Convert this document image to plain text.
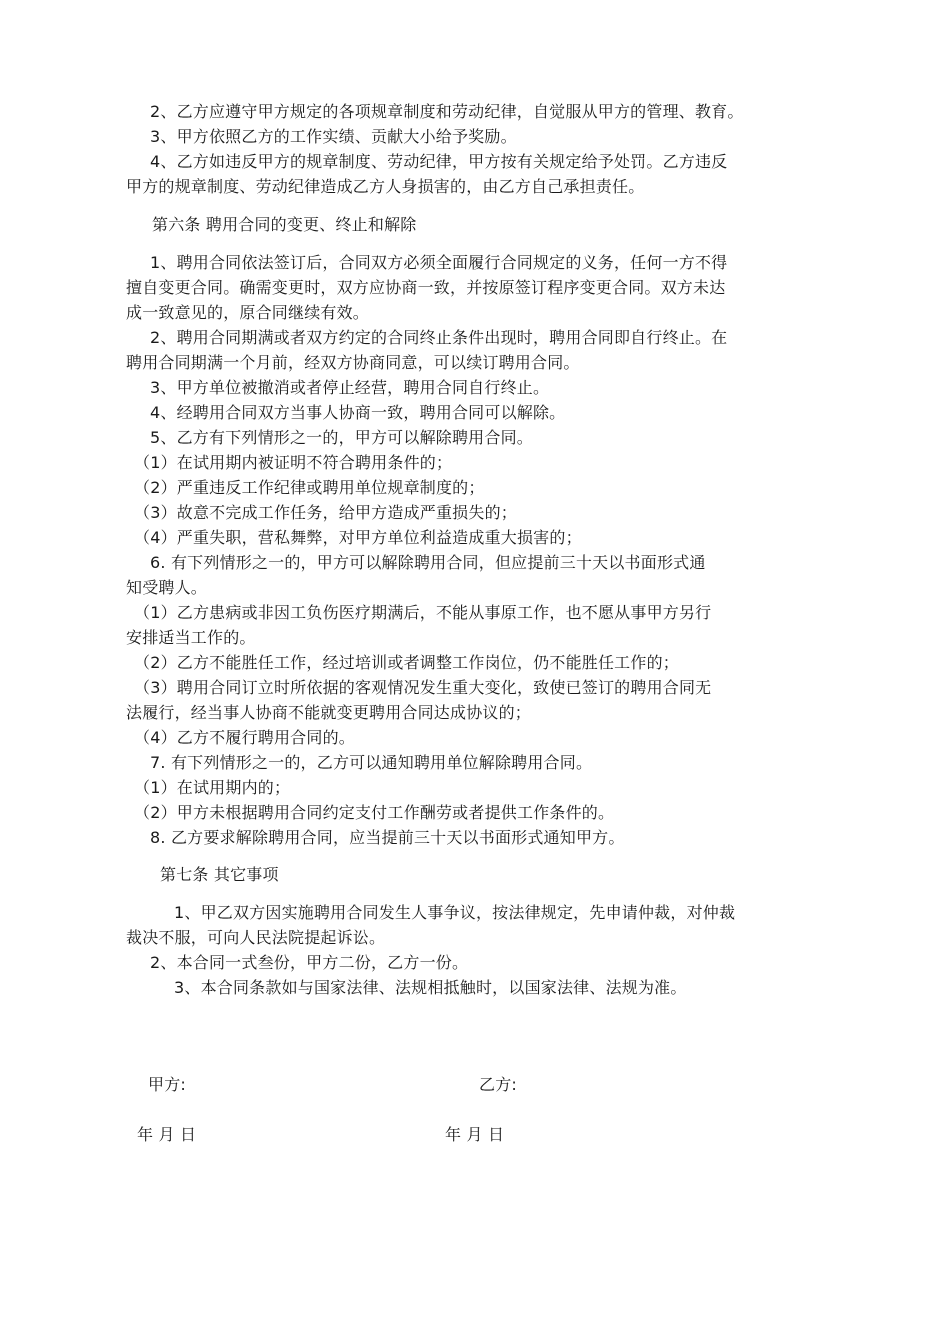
2、乙方应遵守甲方规定的各项规章制度和劳动纪律，自觉服从甲方的管理、教育。
3、甲方依照乙方的工作实绩、贡献大小给予奖励。
4、乙方如违反甲方的规章制度、劳动纪律，甲方按有关规定给予处罚。乙方违反
甲方的规章制度、劳动纪律造成乙方人身损害的，由乙方自己承担责任。
第六条 聘用合同的变更、终止和解除
1、聘用合同依法签订后，合同双方必须全面履行合同规定的义务，任何一方不得
擅自变更合同。确需变更时，双方应协商一致，并按原签订程序变更合同。双方未达
成一致意见的，原合同继续有效。
2、聘用合同期满或者双方约定的合同终止条件出现时，聘用合同即自行终止。在
聘用合同期满一个月前，经双方协商同意，可以续订聘用合同。
3、甲方单位被撤消或者停止经营，聘用合同自行终止。
4、经聘用合同双方当事人协商一致，聘用合同可以解除。
5、乙方有下列情形之一的，甲方可以解除聘用合同。
（1）在试用期内被证明不符合聘用条件的；
（2）严重违反工作纪律或聘用单位规章制度的；
（3）故意不完成工作任务，给甲方造成严重损失的；
（4）严重失职，营私舞弊，对甲方单位利益造成重大损害的；
6. 有下列情形之一的，甲方可以解除聘用合同，但应提前三十天以书面形式通
知受聘人。
（1）乙方患病或非因工负伤医疗期满后，不能从事原工作，也不愿从事甲方另行
安排适当工作的。
（2）乙方不能胜任工作，经过培训或者调整工作岗位，仍不能胜任工作的；
（3）聘用合同订立时所依据的客观情况发生重大变化，致使已签订的聘用合同无
法履行，经当事人协商不能就变更聘用合同达成协议的；
（4）乙方不履行聘用合同的。
7. 有下列情形之一的，乙方可以通知聘用单位解除聘用合同。
（1）在试用期内的；
（2）甲方未根据聘用合同约定支付工作酬劳或者提供工作条件的。
8. 乙方要求解除聘用合同，应当提前三十天以书面形式通知甲方。
第七条 其它事项
1、甲乙双方因实施聘用合同发生人事争议，按法律规定，先申请仲裁，对仲裁
裁决不服，可向人民法院提起诉讼。
2、本合同一式叁份，甲方二份，乙方一份。
3、本合同条款如与国家法律、法规相抵触时，以国家法律、法规为准。
甲方:	乙方:
年 月 日	年 月 日
